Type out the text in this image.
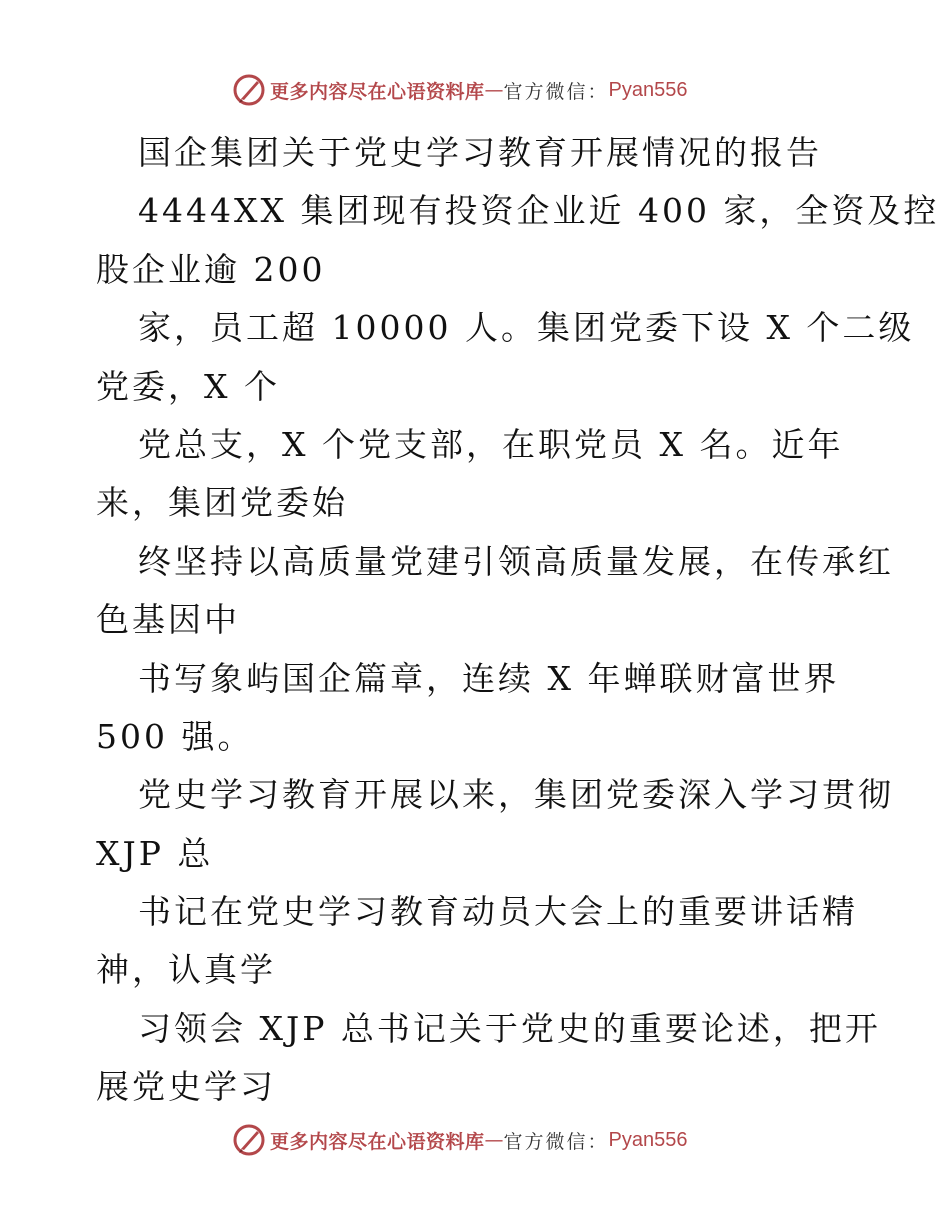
更多内容尽在心语资料库 — 官方微信： Pyan556
国企集团关于党史学习教育开展情况的报告
4444XX 集团现有投资企业近 400 家，全资及控
股企业逾 200
家，员工超 10000 人。集团党委下设 X 个二级
党委，X 个
党总支，X 个党支部，在职党员 X 名。近年
来，集团党委始
终坚持以高质量党建引领高质量发展，在传承红
色基因中
书写象屿国企篇章，连续 X 年蝉联财富世界
500 强。
党史学习教育开展以来，集团党委深入学习贯彻
XJP 总
书记在党史学习教育动员大会上的重要讲话精
神，认真学
习领会 XJP 总书记关于党史的重要论述，把开
展党史学习
更多内容尽在心语资料库 — 官方微信： Pyan556
